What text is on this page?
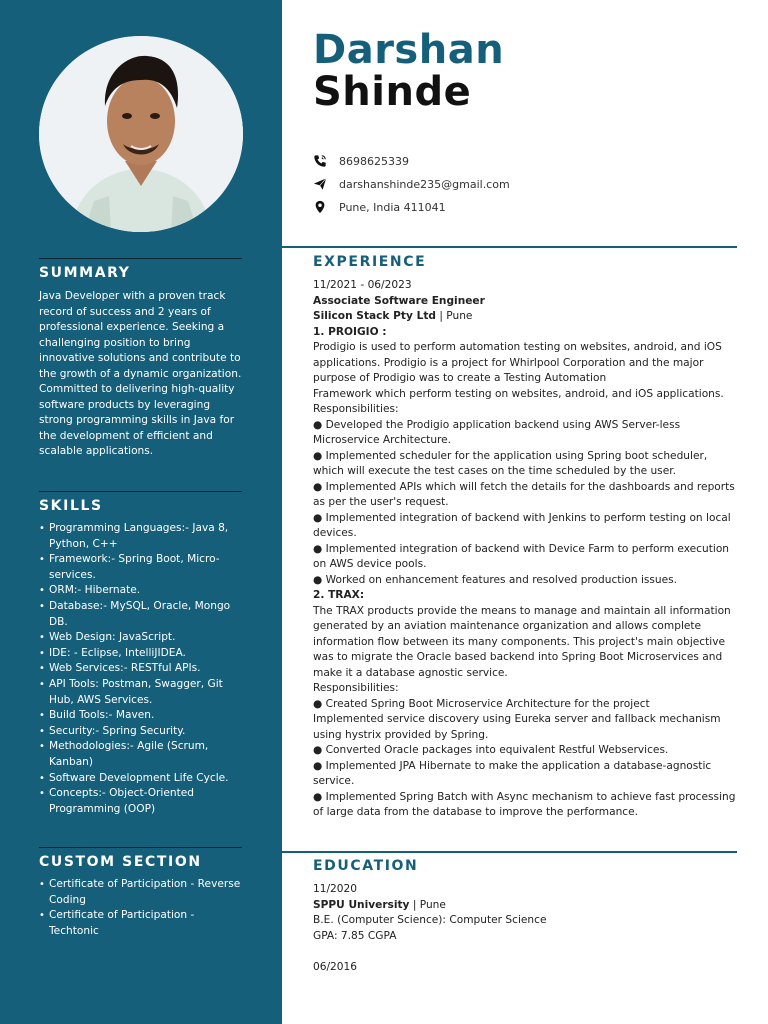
SUMMARY
Java Developer with a proven track record of success and 2 years of professional experience. Seeking a challenging position to bring innovative solutions and contribute to the growth of a dynamic organization. Committed to delivering high-quality software products by leveraging strong programming skills in Java for the development of efficient and scalable applications.
SKILLS
• Programming Languages:- Java 8, Python, C++
• Framework:- Spring Boot, Micro-services.
• ORM:- Hibernate.
• Database:- MySQL, Oracle, Mongo DB.
• Web Design: JavaScript.
• IDE: - Eclipse, IntelliJIDEA.
• Web Services:- RESTful APIs.
• API Tools: Postman, Swagger, Git Hub, AWS Services.
• Build Tools:- Maven.
• Security:- Spring Security.
• Methodologies:- Agile (Scrum, Kanban)
• Software Development Life Cycle.
• Concepts:- Object-Oriented Programming (OOP)
CUSTOM SECTION
• Certificate of Participation - Reverse Coding
• Certificate of Participation - Techtonic
Darshan
Shinde
8698625339
darshanshinde235@gmail.com
Pune, India 411041
EXPERIENCE
11/2021 - 06/2023
Associate Software Engineer
Silicon Stack Pty Ltd | Pune
1. PROIGIO :
Prodigio is used to perform automation testing on websites, android, and iOS applications. Prodigio is a project for Whirlpool Corporation and the major purpose of Prodigio was to create a Testing Automation
Framework which perform testing on websites, android, and iOS applications.
Responsibilities:
● Developed the Prodigio application backend using AWS Server-less Microservice Architecture.
● Implemented scheduler for the application using Spring boot scheduler, which will execute the test cases on the time scheduled by the user.
● Implemented APIs which will fetch the details for the dashboards and reports as per the user's request.
● Implemented integration of backend with Jenkins to perform testing on local devices.
● Implemented integration of backend with Device Farm to perform execution on AWS device pools.
● Worked on enhancement features and resolved production issues.
2. TRAX:
The TRAX products provide the means to manage and maintain all information generated by an aviation maintenance organization and allows complete information flow between its many components. This project's main objective was to migrate the Oracle based backend into Spring Boot Microservices and make it a database agnostic service.
Responsibilities:
● Created Spring Boot Microservice Architecture for the project
Implemented service discovery using Eureka server and fallback mechanism using hystrix provided by Spring.
● Converted Oracle packages into equivalent Restful Webservices.
● Implemented JPA Hibernate to make the application a database-agnostic service.
● Implemented Spring Batch with Async mechanism to achieve fast processing of large data from the database to improve the performance.
EDUCATION
11/2020
SPPU University | Pune
B.E. (Computer Science): Computer Science
GPA: 7.85 CGPA
06/2016
